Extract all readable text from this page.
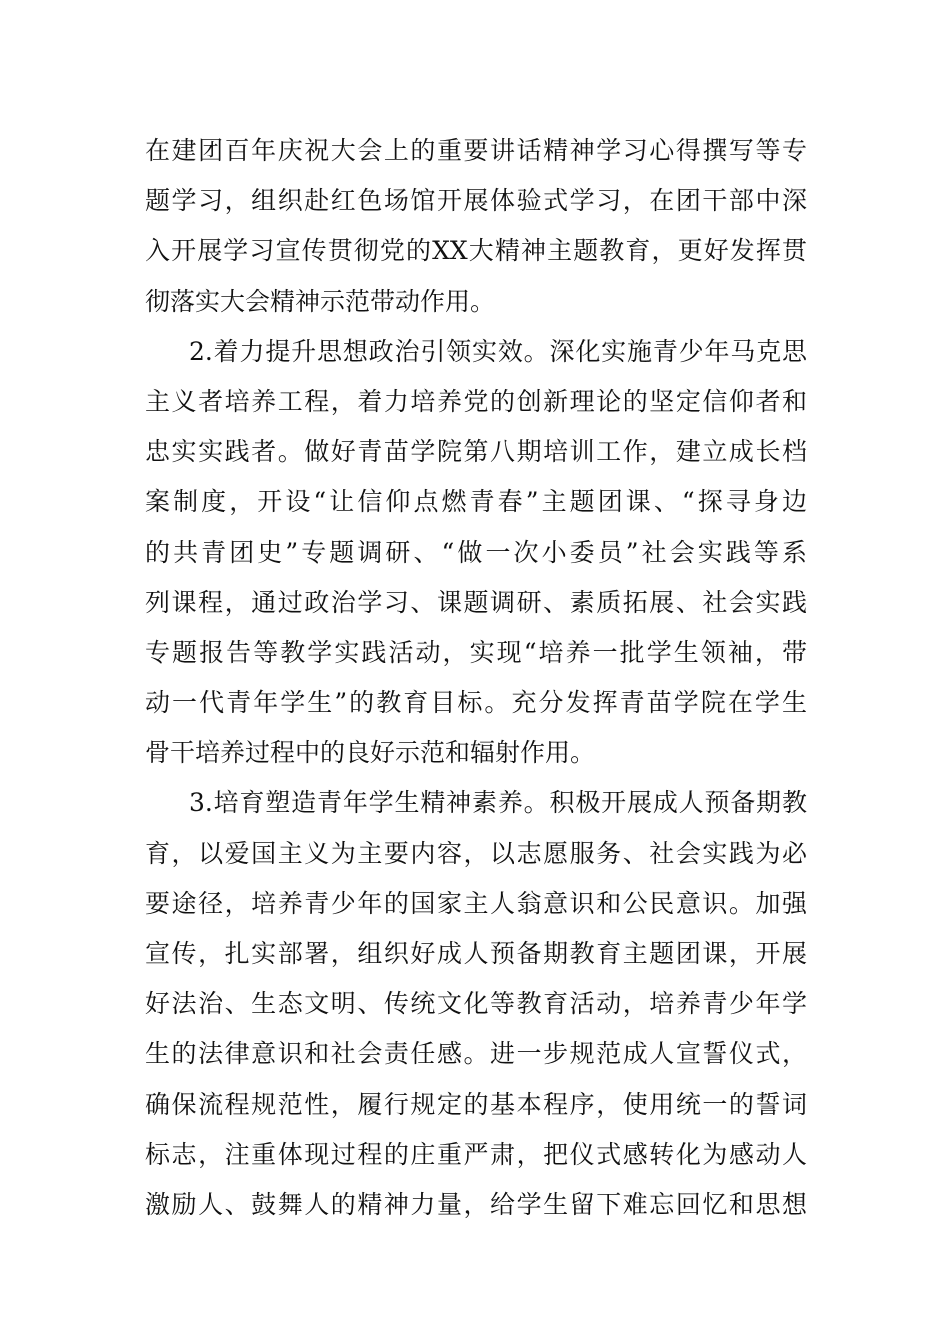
在建团百年庆祝大会上的重要讲话精神学习心得撰写等专
题学习，组织赴红色场馆开展体验式学习，在团干部中深
入开展学习宣传贯彻党的XX大精神主题教育，更好发挥贯
彻落实大会精神示范带动作用。
2.着力提升思想政治引领实效。深化实施青少年马克思
主义者培养工程，着力培养党的创新理论的坚定信仰者和
忠实实践者。做好青苗学院第八期培训工作，建立成长档
案制度，开设“让信仰点燃青春”主题团课、“探寻身边
的共青团史”专题调研、“做一次小委员”社会实践等系
列课程，通过政治学习、课题调研、素质拓展、社会实践
专题报告等教学实践活动，实现“培养一批学生领袖，带
动一代青年学生”的教育目标。充分发挥青苗学院在学生
骨干培养过程中的良好示范和辐射作用。
3.培育塑造青年学生精神素养。积极开展成人预备期教
育，以爱国主义为主要内容，以志愿服务、社会实践为必
要途径，培养青少年的国家主人翁意识和公民意识。加强
宣传，扎实部署，组织好成人预备期教育主题团课，开展
好法治、生态文明、传统文化等教育活动，培养青少年学
生的法律意识和社会责任感。进一步规范成人宣誓仪式，
确保流程规范性，履行规定的基本程序，使用统一的誓词
标志，注重体现过程的庄重严肃，把仪式感转化为感动人
激励人、鼓舞人的精神力量，给学生留下难忘回忆和思想
